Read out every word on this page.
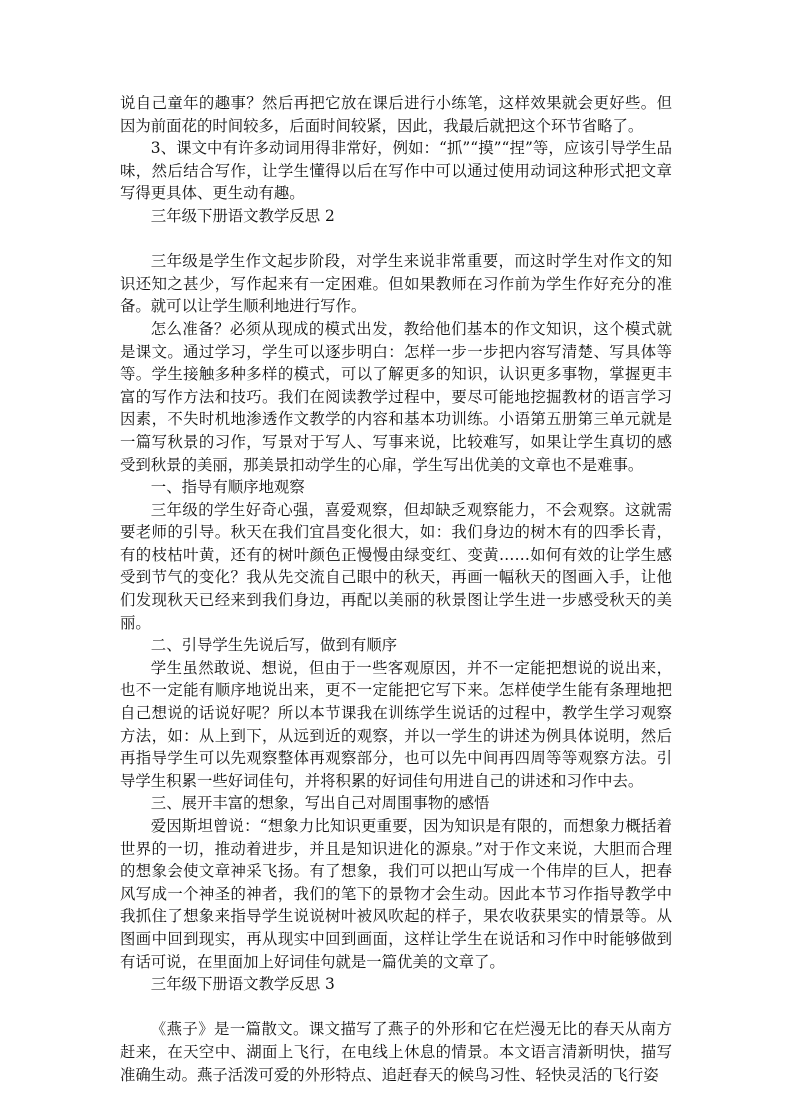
说自己童年的趣事？然后再把它放在课后进行小练笔，这样效果就会更好些。但因为前面花的时间较多，后面时间较紧，因此，我最后就把这个环节省略了。

3、课文中有许多动词用得非常好，例如：“抓”“摸”“捏”等，应该引导学生品味，然后结合写作，让学生懂得以后在写作中可以通过使用动词这种形式把文章写得更具体、更生动有趣。

三年级下册语文教学反思 2

三年级是学生作文起步阶段，对学生来说非常重要，而这时学生对作文的知识还知之甚少，写作起来有一定困难。但如果教师在习作前为学生作好充分的准备。就可以让学生顺利地进行写作。

怎么准备？必须从现成的模式出发，教给他们基本的作文知识，这个模式就是课文。通过学习，学生可以逐步明白：怎样一步一步把内容写清楚、写具体等等。学生接触多种多样的模式，可以了解更多的知识，认识更多事物，掌握更丰富的写作方法和技巧。我们在阅读教学过程中，要尽可能地挖掘教材的语言学习因素，不失时机地渗透作文教学的内容和基本功训练。小语第五册第三单元就是一篇写秋景的习作，写景对于写人、写事来说，比较难写，如果让学生真切的感受到秋景的美丽，那美景扣动学生的心扉，学生写出优美的文章也不是难事。

一、指导有顺序地观察

三年级的学生好奇心强，喜爱观察，但却缺乏观察能力，不会观察。这就需要老师的引导。秋天在我们宜昌变化很大，如：我们身边的树木有的四季长青，有的枝枯叶黄，还有的树叶颜色正慢慢由绿变红、变黄……如何有效的让学生感受到节气的变化？我从先交流自己眼中的秋天，再画一幅秋天的图画入手，让他们发现秋天已经来到我们身边，再配以美丽的秋景图让学生进一步感受秋天的美丽。

二、引导学生先说后写，做到有顺序

学生虽然敢说、想说，但由于一些客观原因，并不一定能把想说的说出来，也不一定能有顺序地说出来，更不一定能把它写下来。怎样使学生能有条理地把自己想说的话说好呢？所以本节课我在训练学生说话的过程中，教学生学习观察方法，如：从上到下，从远到近的观察，并以一学生的讲述为例具体说明，然后再指导学生可以先观察整体再观察部分，也可以先中间再四周等等观察方法。引导学生积累一些好词佳句，并将积累的好词佳句用进自己的讲述和习作中去。

三、展开丰富的想象，写出自己对周围事物的感悟

爱因斯坦曾说：“想象力比知识更重要，因为知识是有限的，而想象力概括着世界的一切，推动着进步，并且是知识进化的源泉。”对于作文来说，大胆而合理的想象会使文章神采飞扬。有了想象，我们可以把山写成一个伟岸的巨人，把春风写成一个神圣的神者，我们的笔下的景物才会生动。因此本节习作指导教学中我抓住了想象来指导学生说说树叶被风吹起的样子，果农收获果实的情景等。从图画中回到现实，再从现实中回到画面，这样让学生在说话和习作中时能够做到有话可说，在里面加上好词佳句就是一篇优美的文章了。

三年级下册语文教学反思 3

《燕子》是一篇散文。课文描写了燕子的外形和它在烂漫无比的春天从南方赶来，在天空中、湖面上飞行，在电线上休息的情景。本文语言清新明快，描写准确生动。燕子活泼可爱的外形特点、追赶春天的候鸟习性、轻快灵活的飞行姿
